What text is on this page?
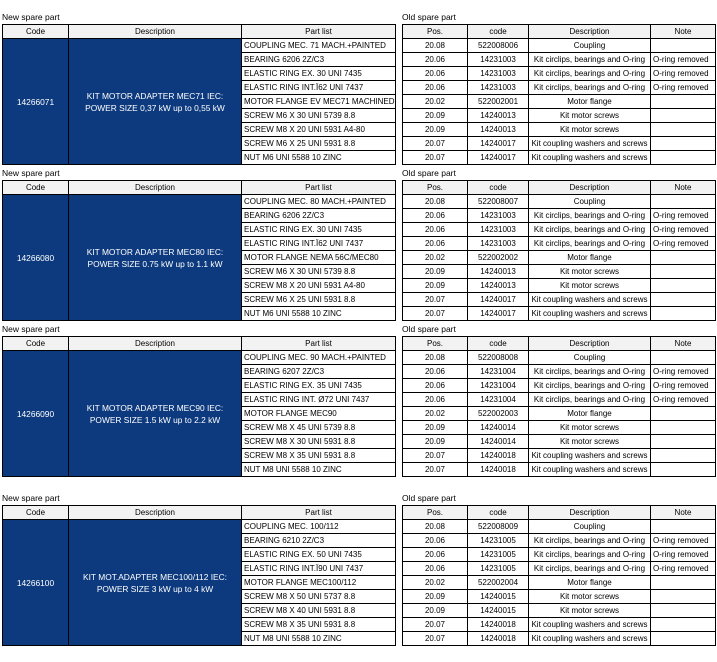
New spare part	Old spare part
Code	Description	Part list
14266071	KIT MOTOR ADAPTER MEC71 IEC: POWER SIZE 0,37 kW up to 0,55 kW	COUPLING MEC. 71 MACH.+PAINTED
		BEARING 6206 2Z/C3
		ELASTIC RING EX. 30 UNI 7435
		ELASTIC RING INT.Ï62 UNI 7437
		MOTOR FLANGE EV MEC71 MACHINED
		SCREW M6 X 30 UNI 5739 8.8
		SCREW M8 X 20 UNI 5931 A4-80
		SCREW M6 X 25 UNI 5931 8.8
		NUT M6 UNI 5588 10 ZINC
Pos.	code	Description	Note
20.08	522008006	Coupling	
20.06	14231003	Kit circlips, bearings and O-ring	O-ring removed
20.06	14231003	Kit circlips, bearings and O-ring	O-ring removed
20.06	14231003	Kit circlips, bearings and O-ring	O-ring removed
20.02	522002001	Motor flange	
20.09	14240013	Kit motor screws	
20.09	14240013	Kit motor screws	
20.07	14240017	Kit coupling washers and screws	
20.07	14240017	Kit coupling washers and screws	
New spare part	Old spare part
Code	Description	Part list
14266080	KIT MOTOR ADAPTER MEC80 IEC: POWER SIZE 0.75 kW up to 1.1 kW	COUPLING MEC. 80 MACH.+PAINTED
		BEARING 6206 2Z/C3
		ELASTIC RING EX. 30 UNI 7435
		ELASTIC RING INT.Ï62 UNI 7437
		MOTOR FLANGE NEMA 56C/MEC80
		SCREW M6 X 30 UNI 5739 8.8
		SCREW M8 X 20 UNI 5931 A4-80
		SCREW M6 X 25 UNI 5931 8.8
		NUT M6 UNI 5588 10 ZINC
Pos.	code	Description	Note
20.08	522008007	Coupling	
20.06	14231003	Kit circlips, bearings and O-ring	O-ring removed
20.06	14231003	Kit circlips, bearings and O-ring	O-ring removed
20.06	14231003	Kit circlips, bearings and O-ring	O-ring removed
20.02	522002002	Motor flange	
20.09	14240013	Kit motor screws	
20.09	14240013	Kit motor screws	
20.07	14240017	Kit coupling washers and screws	
20.07	14240017	Kit coupling washers and screws	
New spare part	Old spare part
Code	Description	Part list
14266090	KIT MOTOR ADAPTER MEC90 IEC: POWER SIZE 1.5 kW up to 2.2 kW	COUPLING MEC. 90 MACH.+PAINTED
		BEARING 6207 2Z/C3
		ELASTIC RING EX. 35 UNI 7435
		ELASTIC RING INT. Ø72 UNI 7437
		MOTOR FLANGE MEC90
		SCREW M8 X 45 UNI 5739 8.8
		SCREW M8 X 30 UNI 5931 8.8
		SCREW M8 X 35 UNI 5931 8.8
		NUT M8 UNI 5588 10 ZINC
Pos.	code	Description	Note
20.08	522008008	Coupling	
20.06	14231004	Kit circlips, bearings and O-ring	O-ring removed
20.06	14231004	Kit circlips, bearings and O-ring	O-ring removed
20.06	14231004	Kit circlips, bearings and O-ring	O-ring removed
20.02	522002003	Motor flange	
20.09	14240014	Kit motor screws	
20.09	14240014	Kit motor screws	
20.07	14240018	Kit coupling washers and screws	
20.07	14240018	Kit coupling washers and screws	
New spare part	Old spare part
Code	Description	Part list
14266100	KIT MOT.ADAPTER MEC100/112 IEC: POWER SIZE 3 kW up to 4 kW	COUPLING MEC. 100/112
		BEARING 6210 2Z/C3
		ELASTIC RING EX. 50 UNI 7435
		ELASTIC RING INT.Ï90 UNI 7437
		MOTOR FLANGE MEC100/112
		SCREW M8 X 50 UNI 5737 8.8
		SCREW M8 X 40 UNI 5931 8.8
		SCREW M8 X 35 UNI 5931 8.8
		NUT M8 UNI 5588 10 ZINC
Pos.	code	Description	Note
20.08	522008009	Coupling	
20.06	14231005	Kit circlips, bearings and O-ring	O-ring removed
20.06	14231005	Kit circlips, bearings and O-ring	O-ring removed
20.06	14231005	Kit circlips, bearings and O-ring	O-ring removed
20.02	522002004	Motor flange	
20.09	14240015	Kit motor screws	
20.09	14240015	Kit motor screws	
20.07	14240018	Kit coupling washers and screws	
20.07	14240018	Kit coupling washers and screws	
